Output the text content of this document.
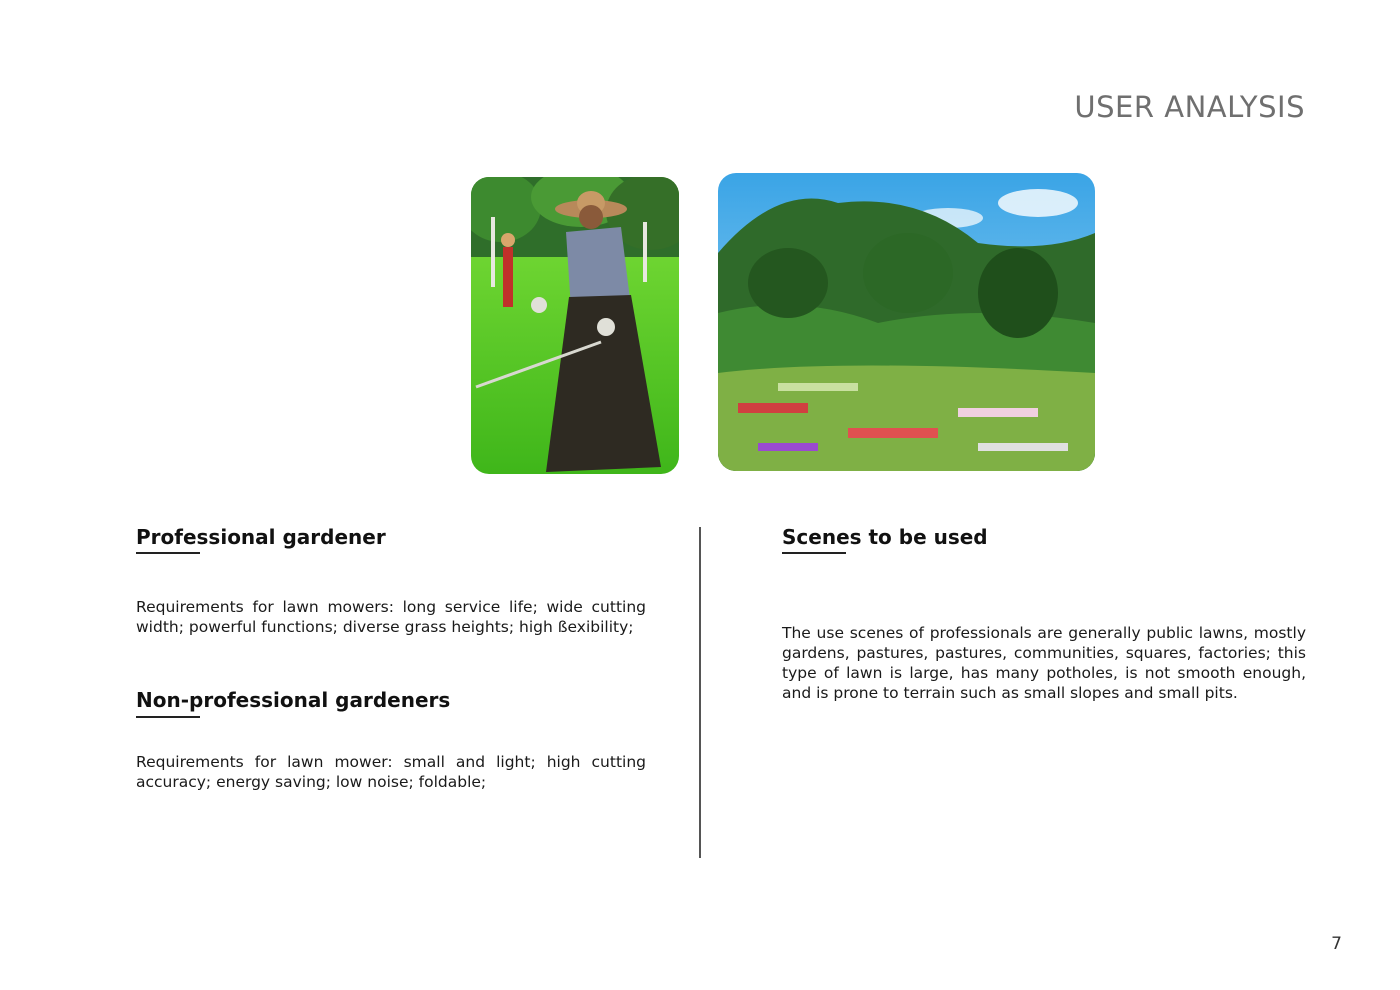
USER ANALYSIS
Professional gardener

Requirements for lawn mowers: long service life; wide cutting width; powerful functions; diverse grass heights; high ßexibility;

Non-professional gardeners

Requirements for lawn mower: small and light; high cutting accuracy; energy saving; low noise; foldable;

Scenes to be used

The use scenes of professionals are generally public lawns, mostly gardens, pastures, pastures, communities, squares, factories; this type of lawn is large, has many potholes, is not smooth enough, and is prone to terrain such as small slopes and small pits.

7
